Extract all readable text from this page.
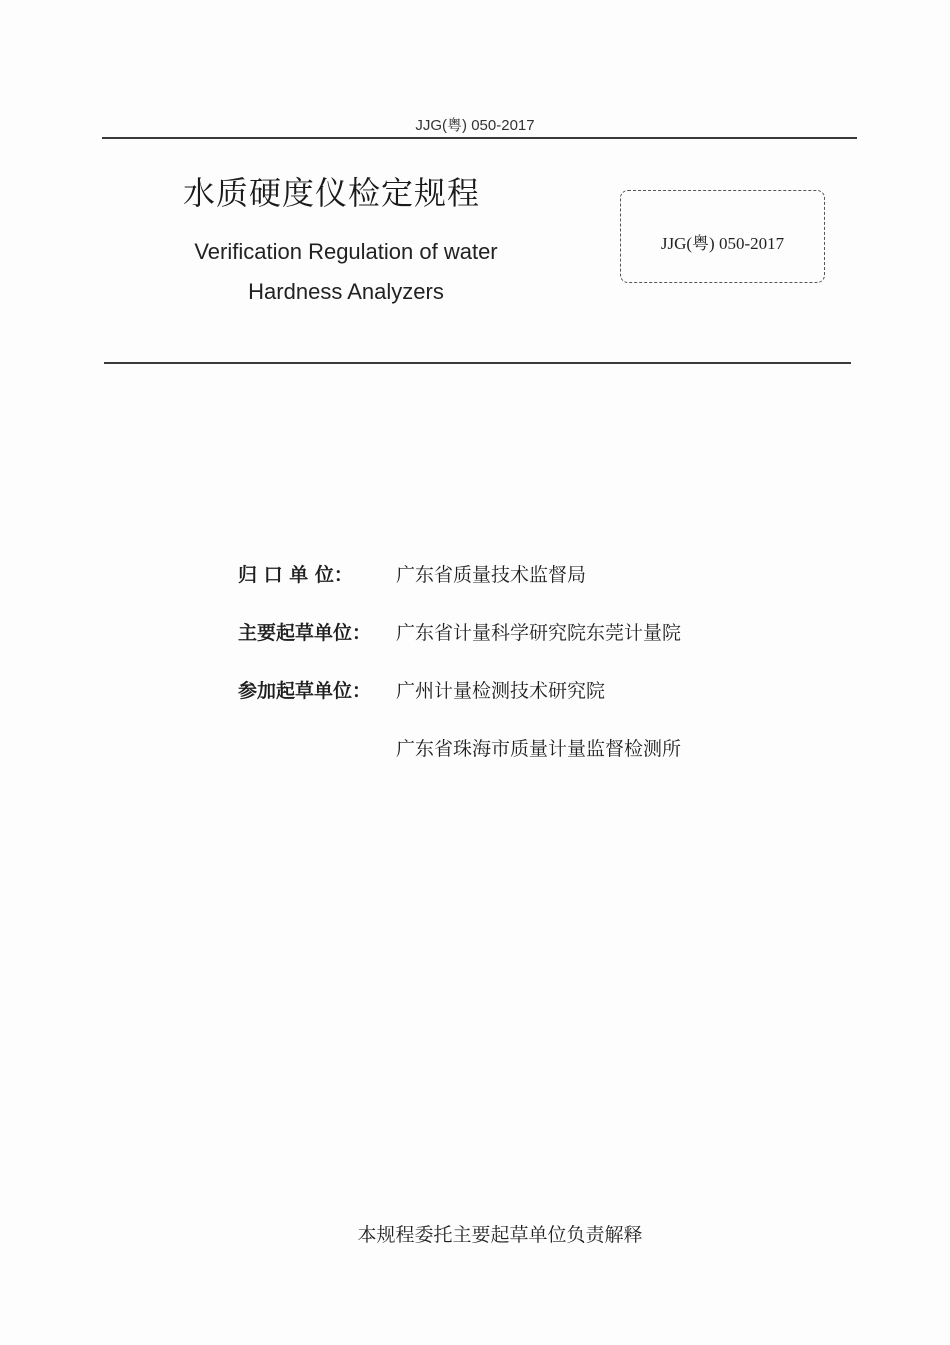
JJG(粤) 050-2017
水质硬度仪检定规程
Verification Regulation of water
Hardness Analyzers
JJG(粤) 050-2017
归 口 单 位：	广东省质量技术监督局
主要起草单位：	广东省计量科学研究院东莞计量院
参加起草单位：	广州计量检测技术研究院
广东省珠海市质量计量监督检测所
本规程委托主要起草单位负责解释
